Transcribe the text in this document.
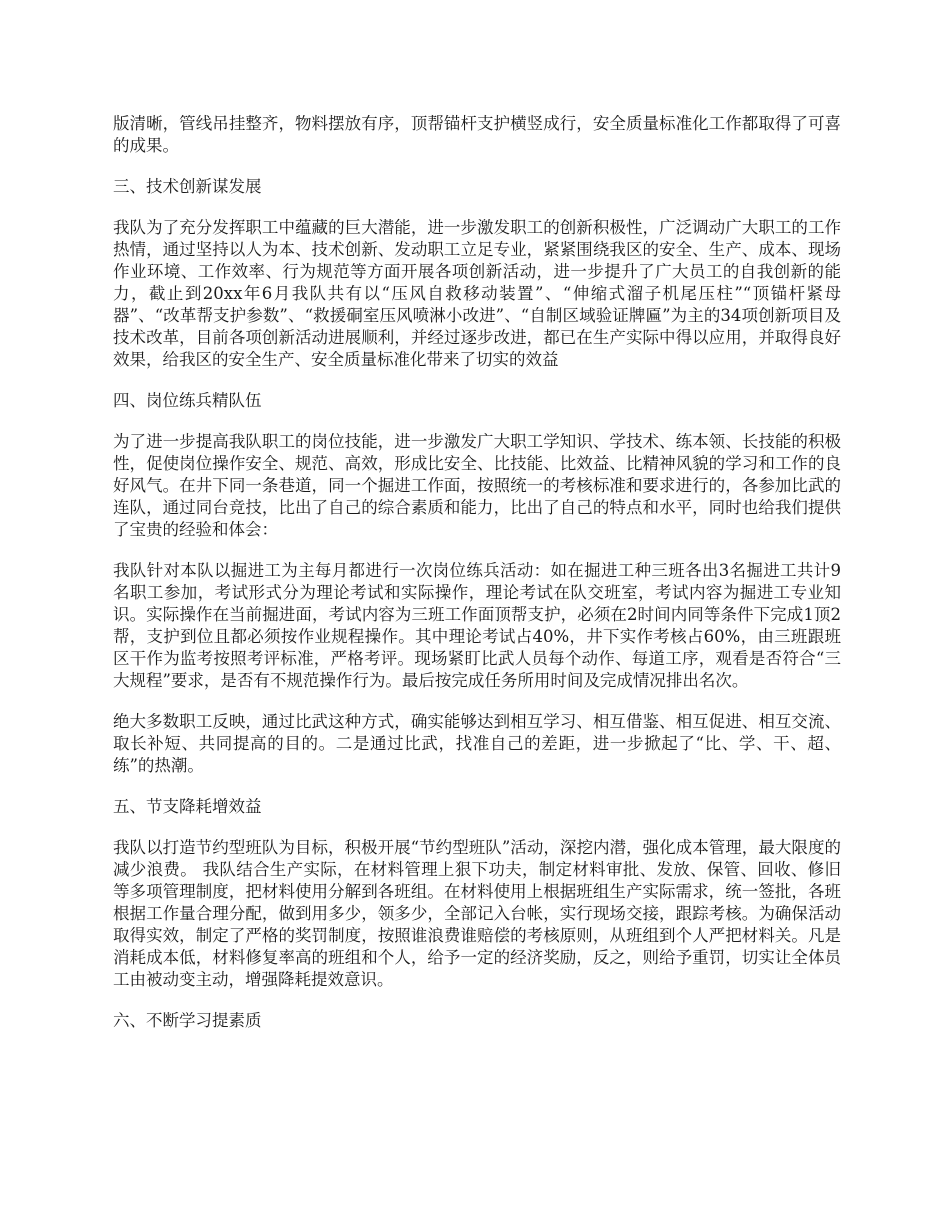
版清晰，管线吊挂整齐，物料摆放有序，顶帮锚杆支护横竖成行，安全质量标准化工作都取得了可喜的成果。

三、技术创新谋发展

我队为了充分发挥职工中蕴藏的巨大潜能，进一步激发职工的创新积极性，广泛调动广大职工的工作热情，通过坚持以人为本、技术创新、发动职工立足专业，紧紧围绕我区的安全、生产、成本、现场作业环境、工作效率、行为规范等方面开展各项创新活动，进一步提升了广大员工的自我创新的能力，截止到20xx年6月我队共有以“压风自救移动装置”、“伸缩式溜子机尾压柱”“顶锚杆紧母器”、“改革帮支护参数”、“救援硐室压风喷淋小改进”、“自制区域验证牌匾”为主的34项创新项目及技术改革，目前各项创新活动进展顺利，并经过逐步改进，都已在生产实际中得以应用，并取得良好效果，给我区的安全生产、安全质量标准化带来了切实的效益

四、岗位练兵精队伍

为了进一步提高我队职工的岗位技能，进一步激发广大职工学知识、学技术、练本领、长技能的积极性，促使岗位操作安全、规范、高效，形成比安全、比技能、比效益、比精神风貌的学习和工作的良好风气。在井下同一条巷道，同一个掘进工作面，按照统一的考核标准和要求进行的，各参加比武的连队，通过同台竞技，比出了自己的综合素质和能力，比出了自己的特点和水平，同时也给我们提供了宝贵的经验和体会：

我队针对本队以掘进工为主每月都进行一次岗位练兵活动：如在掘进工种三班各出3名掘进工共计9名职工参加，考试形式分为理论考试和实际操作，理论考试在队交班室，考试内容为掘进工专业知识。实际操作在当前掘进面，考试内容为三班工作面顶帮支护，必须在2时间内同等条件下完成1顶2帮，支护到位且都必须按作业规程操作。其中理论考试占40%，井下实作考核占60%，由三班跟班区干作为监考按照考评标准，严格考评。现场紧盯比武人员每个动作、每道工序，观看是否符合“三大规程”要求，是否有不规范操作行为。最后按完成任务所用时间及完成情况排出名次。

绝大多数职工反映，通过比武这种方式，确实能够达到相互学习、相互借鉴、相互促进、相互交流、取长补短、共同提高的目的。二是通过比武，找准自己的差距，进一步掀起了“比、学、干、超、练”的热潮。

五、节支降耗增效益

我队以打造节约型班队为目标，积极开展“节约型班队”活动，深挖内潜，强化成本管理，最大限度的减少浪费。 我队结合生产实际，在材料管理上狠下功夫，制定材料审批、发放、保管、回收、修旧等多项管理制度，把材料使用分解到各班组。在材料使用上根据班组生产实际需求，统一签批，各班根据工作量合理分配，做到用多少，领多少，全部记入台帐，实行现场交接，跟踪考核。为确保活动取得实效，制定了严格的奖罚制度，按照谁浪费谁赔偿的考核原则，从班组到个人严把材料关。凡是消耗成本低，材料修复率高的班组和个人，给予一定的经济奖励，反之，则给予重罚，切实让全体员工由被动变主动，增强降耗提效意识。

六、不断学习提素质
